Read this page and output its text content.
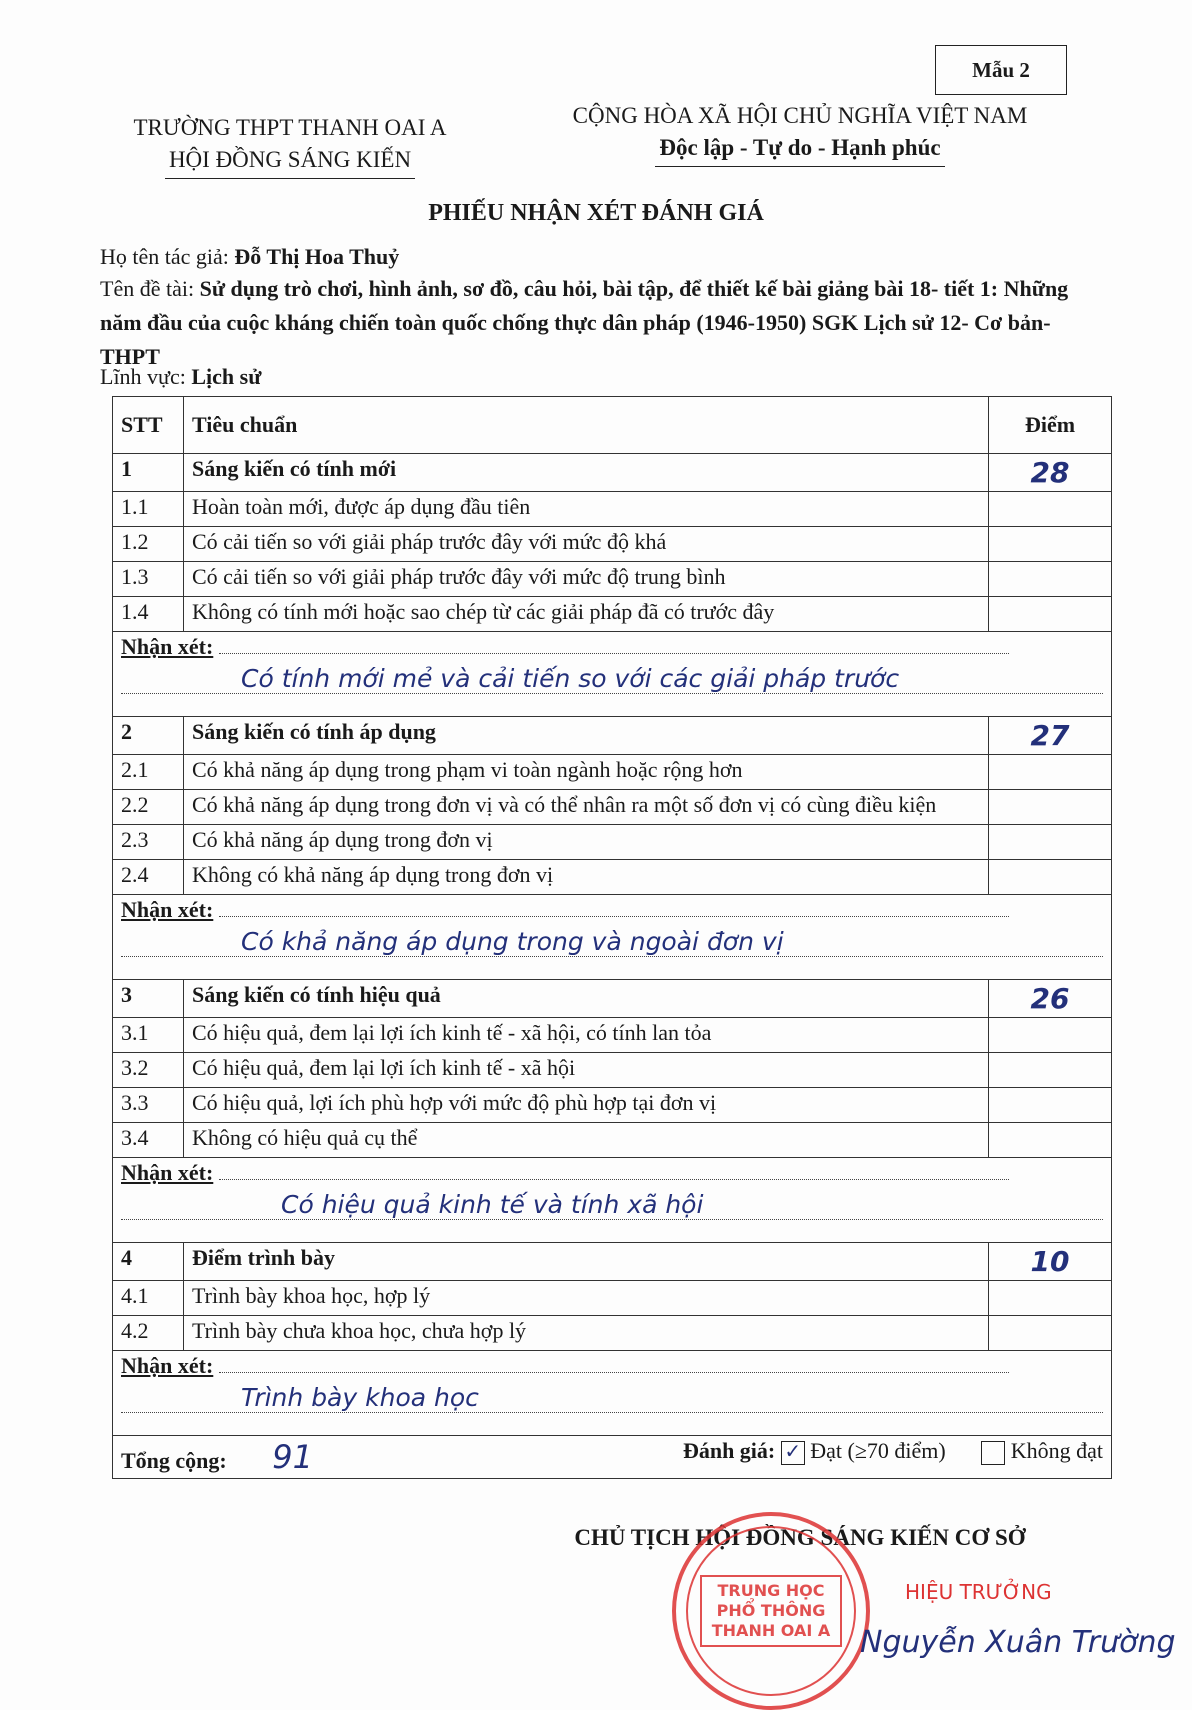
Mẫu 2
TRƯỜNG THPT THANH OAI A
HỘI ĐỒNG SÁNG KIẾN
CỘNG HÒA XÃ HỘI CHỦ NGHĨA VIỆT NAM
Độc lập - Tự do - Hạnh phúc
PHIẾU NHẬN XÉT ĐÁNH GIÁ
Họ tên tác giả: Đỗ Thị Hoa Thuỷ
Tên đề tài: Sử dụng trò chơi, hình ảnh, sơ đồ, câu hỏi, bài tập, để thiết kế bài giảng bài 18- tiết 1: Những năm đầu của cuộc kháng chiến toàn quốc chống thực dân pháp (1946-1950) SGK Lịch sử 12- Cơ bản- THPT
Lĩnh vực: Lịch sử
STT	Tiêu chuẩn	Điểm
1	Sáng kiến có tính mới	28
1.1	Hoàn toàn mới, được áp dụng đầu tiên	
1.2	Có cải tiến so với giải pháp trước đây với mức độ khá	
1.3	Có cải tiến so với giải pháp trước đây với mức độ trung bình	
1.4	Không có tính mới hoặc sao chép từ các giải pháp đã có trước đây	

Nhận xét:
Có tính mới mẻ và cải tiến so với các giải pháp trước		

2	Sáng kiến có tính áp dụng	27
2.1	Có khả năng áp dụng trong phạm vi toàn ngành hoặc rộng hơn	
2.2	Có khả năng áp dụng trong đơn vị và có thể nhân ra một số đơn vị có cùng điều kiện	
2.3	Có khả năng áp dụng trong đơn vị	
2.4	Không có khả năng áp dụng trong đơn vị	

Nhận xét:
Có khả năng áp dụng trong và ngoài đơn vị		

3	Sáng kiến có tính hiệu quả	26
3.1	Có hiệu quả, đem lại lợi ích kinh tế - xã hội, có tính lan tỏa	
3.2	Có hiệu quả, đem lại lợi ích kinh tế - xã hội	
3.3	Có hiệu quả, lợi ích phù hợp với mức độ phù hợp tại đơn vị	
3.4	Không có hiệu quả cụ thể	

Nhận xét:
Có hiệu quả kinh tế và tính xã hội		

4	Điểm trình bày	10
4.1	Trình bày khoa học, hợp lý	
4.2	Trình bày chưa khoa học, chưa hợp lý	

Nhận xét:
Trình bày khoa học		

Tổng cộng: 91 Đánh giá: ✓ Đạt (≥70 điểm) Không đạt		
CHỦ TỊCH HỘI ĐỒNG SÁNG KIẾN CƠ SỞ
TRUNG HỌC
PHỔ THÔNG
THANH OAI A
HIỆU TRƯỞNG
Nguyễn Xuân Trường
